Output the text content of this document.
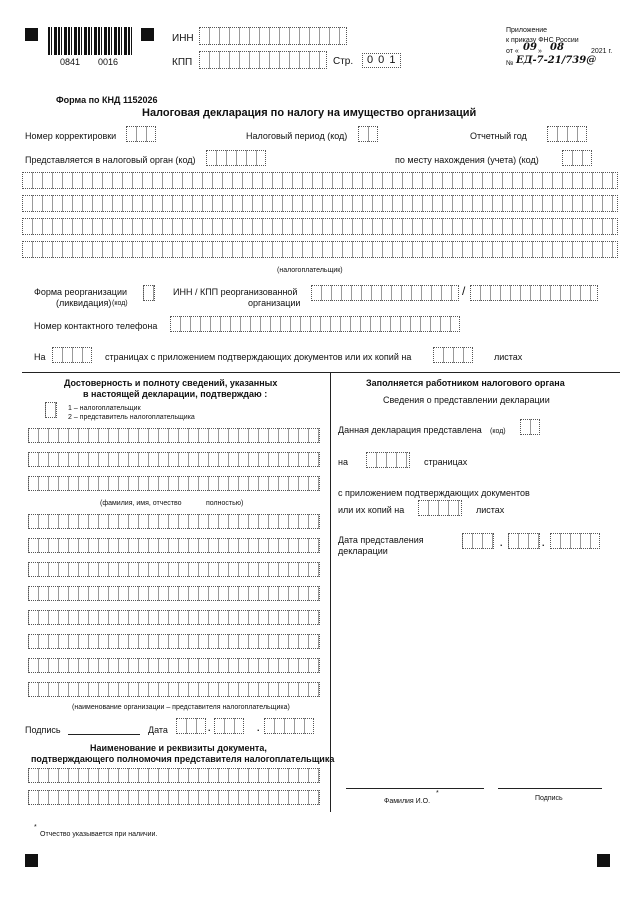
0841 0016
ИНН
КПП	Стр.	0 0 1
Приложение
к приказу ФНС России
от « 09 » 08	2021 г.
№ ЕД-7-21/739@
Форма по КНД 1152026
Налоговая декларация по налогу на имущество организаций
Номер корректировки	Налоговый период (код)	Отчетный год
Представляется в налоговый орган (код)	по месту нахождения (учета) (код)
(налогоплательщик)
Форма реорганизации
(ликвидация) (код)
ИНН / КПП реорганизованной
организации
/
Номер контактного телефона
На	страницах с приложением подтверждающих документов или их копий на	листах
Достоверность и полноту сведений, указанных
в настоящей декларации, подтверждаю :
1 – налогоплательщик
2 – представитель налогоплательщика
(фамилия, имя, отчество	полностью)
(наименование организации – представителя налогоплательщика)
Подпись	Дата	.	.
Наименование и реквизиты документа,
подтверждающего полномочия представителя налогоплательщика
*
Отчество указывается при наличии.
Заполняется работником налогового органа
Сведения о представлении декларации
Данная декларация представлена (код)
на	страницах
с приложением подтверждающих документов
или их копий на	листах
Дата представления
декларации
.	.
Фамилия И.О.
*
Подпись
